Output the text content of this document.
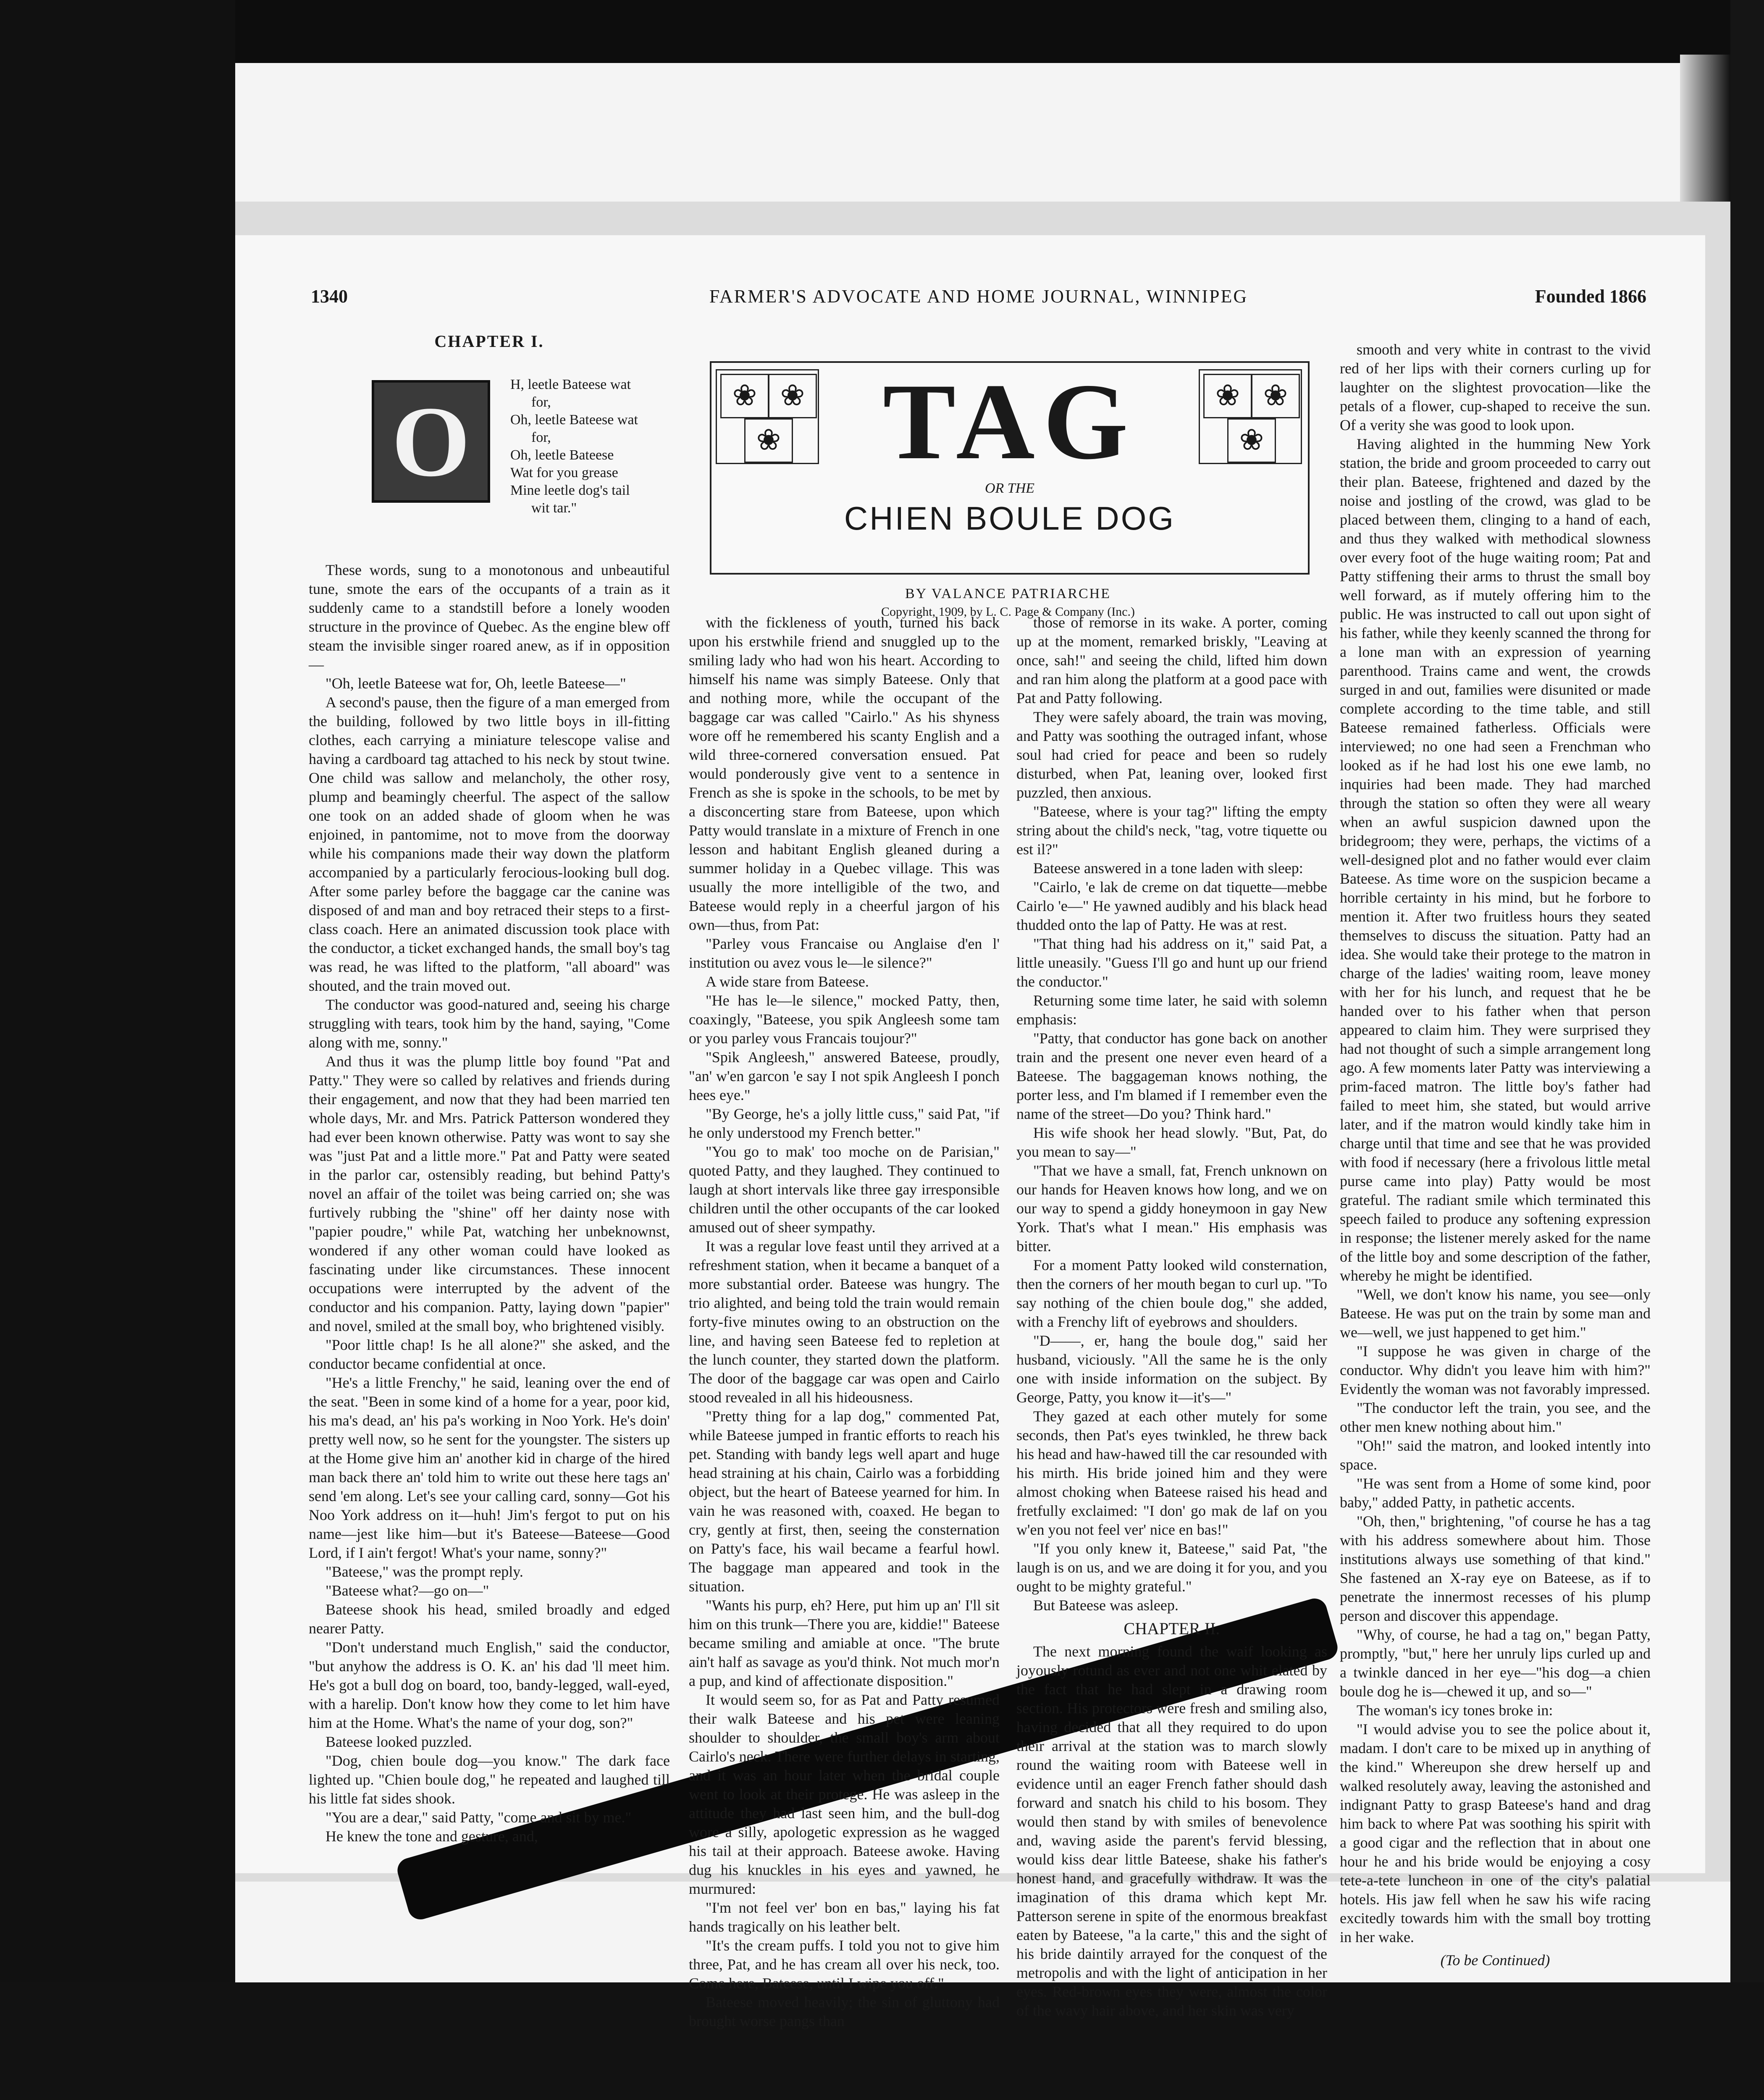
1340	FARMER'S ADVOCATE AND HOME JOURNAL, WINNIPEG	Founded 1866
CHAPTER I.
O
H, leetle Bateese wat
for,
Oh, leetle Bateese wat
for,
Oh, leetle Bateese
Wat for you grease
Mine leetle dog's tail
wit tar."

These words, sung to a monotonous and unbeautiful tune, smote the ears of the occupants of a train as it suddenly came to a standstill before a lonely wooden structure in the province of Quebec. As the engine blew off steam the invisible singer roared anew, as if in opposition—

"Oh, leetle Bateese wat for, Oh, leetle Bateese—"

A second's pause, then the figure of a man emerged from the building, followed by two little boys in ill-fitting clothes, each carrying a miniature telescope valise and having a cardboard tag attached to his neck by stout twine. One child was sallow and melancholy, the other rosy, plump and beamingly cheerful. The aspect of the sallow one took on an added shade of gloom when he was enjoined, in pantomime, not to move from the doorway while his companions made their way down the platform accompanied by a particularly ferocious-looking bull dog. After some parley before the baggage car the canine was disposed of and man and boy retraced their steps to a first-class coach. Here an animated discussion took place with the conductor, a ticket exchanged hands, the small boy's tag was read, he was lifted to the platform, "all aboard" was shouted, and the train moved out.

The conductor was good-natured and, seeing his charge struggling with tears, took him by the hand, saying, "Come along with me, sonny."

And thus it was the plump little boy found "Pat and Patty." They were so called by relatives and friends during their engagement, and now that they had been married ten whole days, Mr. and Mrs. Patrick Patterson wondered they had ever been known otherwise. Patty was wont to say she was "just Pat and a little more." Pat and Patty were seated in the parlor car, ostensibly reading, but behind Patty's novel an affair of the toilet was being carried on; she was furtively rubbing the "shine" off her dainty nose with "papier poudre," while Pat, watching her unbeknownst, wondered if any other woman could have looked as fascinating under like circumstances. These innocent occupations were interrupted by the advent of the conductor and his companion. Patty, laying down "papier" and novel, smiled at the small boy, who brightened visibly.

"Poor little chap! Is he all alone?" she asked, and the conductor became confidential at once.

"He's a little Frenchy," he said, leaning over the end of the seat. "Been in some kind of a home for a year, poor kid, his ma's dead, an' his pa's working in Noo York. He's doin' pretty well now, so he sent for the youngster. The sisters up at the Home give him an' another kid in charge of the hired man back there an' told him to write out these here tags an' send 'em along. Let's see your calling card, sonny—Got his Noo York address on it—huh! Jim's fergot to put on his name—jest like him—but it's Bateese—Bateese—Good Lord, if I ain't fergot! What's your name, sonny?"

"Bateese," was the prompt reply.

"Bateese what?—go on—"

Bateese shook his head, smiled broadly and edged nearer Patty.

"Don't understand much English," said the conductor, "but anyhow the address is O. K. an' his dad 'll meet him. He's got a bull dog on board, too, bandy-legged, wall-eyed, with a harelip. Don't know how they come to let him have him at the Home. What's the name of your dog, son?"

Bateese looked puzzled.

"Dog, chien boule dog—you know." The dark face lighted up. "Chien boule dog," he repeated and laughed till his little fat sides shook.

"You are a dear," said Patty, "come and sit by me."

He knew the tone and gesture, and,

❀ ❀
❀
❀ ❀
❀
TAG
OR THE
CHIEN BOULE DOG
BY VALANCE PATRIARCHE
Copyright, 1909, by L. C. Page & Company (Inc.)

with the fickleness of youth, turned his back upon his erstwhile friend and snuggled up to the smiling lady who had won his heart. According to himself his name was simply Bateese. Only that and nothing more, while the occupant of the baggage car was called "Cairlo." As his shyness wore off he remembered his scanty English and a wild three-cornered conversation ensued. Pat would ponderously give vent to a sentence in French as she is spoke in the schools, to be met by a disconcerting stare from Bateese, upon which Patty would translate in a mixture of French in one lesson and habitant English gleaned during a summer holiday in a Quebec village. This was usually the more intelligible of the two, and Bateese would reply in a cheerful jargon of his own—thus, from Pat:

"Parley vous Francaise ou Anglaise d'en l' institution ou avez vous le—le silence?"

A wide stare from Bateese.

"He has le—le silence," mocked Patty, then, coaxingly, "Bateese, you spik Angleesh some tam or you parley vous Francais toujour?"

"Spik Angleesh," answered Bateese, proudly, "an' w'en garcon 'e say I not spik Angleesh I ponch hees eye."

"By George, he's a jolly little cuss," said Pat, "if he only understood my French better."

"You go to mak' too moche on de Parisian," quoted Patty, and they laughed. They continued to laugh at short intervals like three gay irresponsible children until the other occupants of the car looked amused out of sheer sympathy.

It was a regular love feast until they arrived at a refreshment station, when it became a banquet of a more substantial order. Bateese was hungry. The trio alighted, and being told the train would remain forty-five minutes owing to an obstruction on the line, and having seen Bateese fed to repletion at the lunch counter, they started down the platform. The door of the baggage car was open and Cairlo stood revealed in all his hideousness.

"Pretty thing for a lap dog," commented Pat, while Bateese jumped in frantic efforts to reach his pet. Standing with bandy legs well apart and huge head straining at his chain, Cairlo was a forbidding object, but the heart of Bateese yearned for him. In vain he was reasoned with, coaxed. He began to cry, gently at first, then, seeing the consternation on Patty's face, his wail became a fearful howl. The baggage man appeared and took in the situation.

"Wants his purp, eh? Here, put him up an' I'll sit him on this trunk—There you are, kiddie!" Bateese became smiling and amiable at once. "The brute ain't half as savage as you'd think. Not much mor'n a pup, and kind of affectionate disposition."

It would seem so, for as Pat and Patty resumed their walk Bateese and his pet were leaning shoulder to shoulder, the small boy's arm about Cairlo's neck. There were further delays in starting, and it was an hour later when the bridal couple went to look at their protege. He was asleep in the attitude they had last seen him, and the bull-dog wore a silly, apologetic expression as he wagged his tail at their approach. Bateese awoke. Having dug his knuckles in his eyes and yawned, he murmured:

"I'm not feel ver' bon en bas," laying his fat hands tragically on his leather belt.

"It's the cream puffs. I told you not to give him three, Pat, and he has cream all over his neck, too. Come here, Bateese, until I wipe you off."

Bateese moved heavily; the sin of gluttony had brought worse pangs than

those of remorse in its wake. A porter, coming up at the moment, remarked briskly, "Leaving at once, sah!" and seeing the child, lifted him down and ran him along the platform at a good pace with Pat and Patty following.

They were safely aboard, the train was moving, and Patty was soothing the outraged infant, whose soul had cried for peace and been so rudely disturbed, when Pat, leaning over, looked first puzzled, then anxious.

"Bateese, where is your tag?" lifting the empty string about the child's neck, "tag, votre tiquette ou est il?"

Bateese answered in a tone laden with sleep:

"Cairlo, 'e lak de creme on dat tiquette—mebbe Cairlo 'e—" He yawned audibly and his black head thudded onto the lap of Patty. He was at rest.

"That thing had his address on it," said Pat, a little uneasily. "Guess I'll go and hunt up our friend the conductor."

Returning some time later, he said with solemn emphasis:

"Patty, that conductor has gone back on another train and the present one never even heard of a Bateese. The baggageman knows nothing, the porter less, and I'm blamed if I remember even the name of the street—Do you? Think hard."

His wife shook her head slowly. "But, Pat, do you mean to say—"

"That we have a small, fat, French unknown on our hands for Heaven knows how long, and we on our way to spend a giddy honeymoon in gay New York. That's what I mean." His emphasis was bitter.

For a moment Patty looked wild consternation, then the corners of her mouth began to curl up. "To say nothing of the chien boule dog," she added, with a Frenchy lift of eyebrows and shoulders.

"D——, er, hang the boule dog," said her husband, viciously. "All the same he is the only one with inside information on the subject. By George, Patty, you know it—it's—"

They gazed at each other mutely for some seconds, then Pat's eyes twinkled, he threw back his head and haw-hawed till the car resounded with his mirth. His bride joined him and they were almost choking when Bateese raised his head and fretfully exclaimed: "I don' go mak de laf on you w'en you not feel ver' nice en bas!"

"If you only knew it, Bateese," said Pat, "the laugh is on us, and we are doing it for you, and you ought to be mighty grateful."

But Bateese was asleep.

CHAPTER II.

The next morning found the waif looking as joyously rotund as ever and not one whit elated by the fact that he had slept in a drawing room section. His protectors were fresh and smiling also, having decided that all they required to do upon their arrival at the station was to march slowly round the waiting room with Bateese well in evidence until an eager French father should dash forward and snatch his child to his bosom. They would then stand by with smiles of benevolence and, waving aside the parent's fervid blessing, would kiss dear little Bateese, shake his father's honest hand, and gracefully withdraw. It was the imagination of this drama which kept Mr. Patterson serene in spite of the enormous breakfast eaten by Bateese, "a la carte," this and the sight of his bride daintily arrayed for the conquest of the metropolis and with the light of anticipation in her eyes. Red-brown eyes they were, almost the color of the wavy hair above, and her skin was very

smooth and very white in contrast to the vivid red of her lips with their corners curling up for laughter on the slightest provocation—like the petals of a flower, cup-shaped to receive the sun. Of a verity she was good to look upon.

Having alighted in the humming New York station, the bride and groom proceeded to carry out their plan. Bateese, frightened and dazed by the noise and jostling of the crowd, was glad to be placed between them, clinging to a hand of each, and thus they walked with methodical slowness over every foot of the huge waiting room; Pat and Patty stiffening their arms to thrust the small boy well forward, as if mutely offering him to the public. He was instructed to call out upon sight of his father, while they keenly scanned the throng for a lone man with an expression of yearning parenthood. Trains came and went, the crowds surged in and out, families were disunited or made complete according to the time table, and still Bateese remained fatherless. Officials were interviewed; no one had seen a Frenchman who looked as if he had lost his one ewe lamb, no inquiries had been made. They had marched through the station so often they were all weary when an awful suspicion dawned upon the bridegroom; they were, perhaps, the victims of a well-designed plot and no father would ever claim Bateese. As time wore on the suspicion became a horrible certainty in his mind, but he forbore to mention it. After two fruitless hours they seated themselves to discuss the situation. Patty had an idea. She would take their protege to the matron in charge of the ladies' waiting room, leave money with her for his lunch, and request that he be handed over to his father when that person appeared to claim him. They were surprised they had not thought of such a simple arrangement long ago. A few moments later Patty was interviewing a prim-faced matron. The little boy's father had failed to meet him, she stated, but would arrive later, and if the matron would kindly take him in charge until that time and see that he was provided with food if necessary (here a frivolous little metal purse came into play) Patty would be most grateful. The radiant smile which terminated this speech failed to produce any softening expression in response; the listener merely asked for the name of the little boy and some description of the father, whereby he might be identified.

"Well, we don't know his name, you see—only Bateese. He was put on the train by some man and we—well, we just happened to get him."

"I suppose he was given in charge of the conductor. Why didn't you leave him with him?" Evidently the woman was not favorably impressed.

"The conductor left the train, you see, and the other men knew nothing about him."

"Oh!" said the matron, and looked intently into space.

"He was sent from a Home of some kind, poor baby," added Patty, in pathetic accents.

"Oh, then," brightening, "of course he has a tag with his address somewhere about him. Those institutions always use something of that kind." She fastened an X-ray eye on Bateese, as if to penetrate the innermost recesses of his plump person and discover this appendage.

"Why, of course, he had a tag on," began Patty, promptly, "but," here her unruly lips curled up and a twinkle danced in her eye—"his dog—a chien boule dog he is—chewed it up, and so—"

The woman's icy tones broke in:

"I would advise you to see the police about it, madam. I don't care to be mixed up in anything of the kind." Whereupon she drew herself up and walked resolutely away, leaving the astonished and indignant Patty to grasp Bateese's hand and drag him back to where Pat was soothing his spirit with a good cigar and the reflection that in about one hour he and his bride would be enjoying a cosy tete-a-tete luncheon in one of the city's palatial hotels. His jaw fell when he saw his wife racing excitedly towards him with the small boy trotting in her wake.

(To be Continued)
